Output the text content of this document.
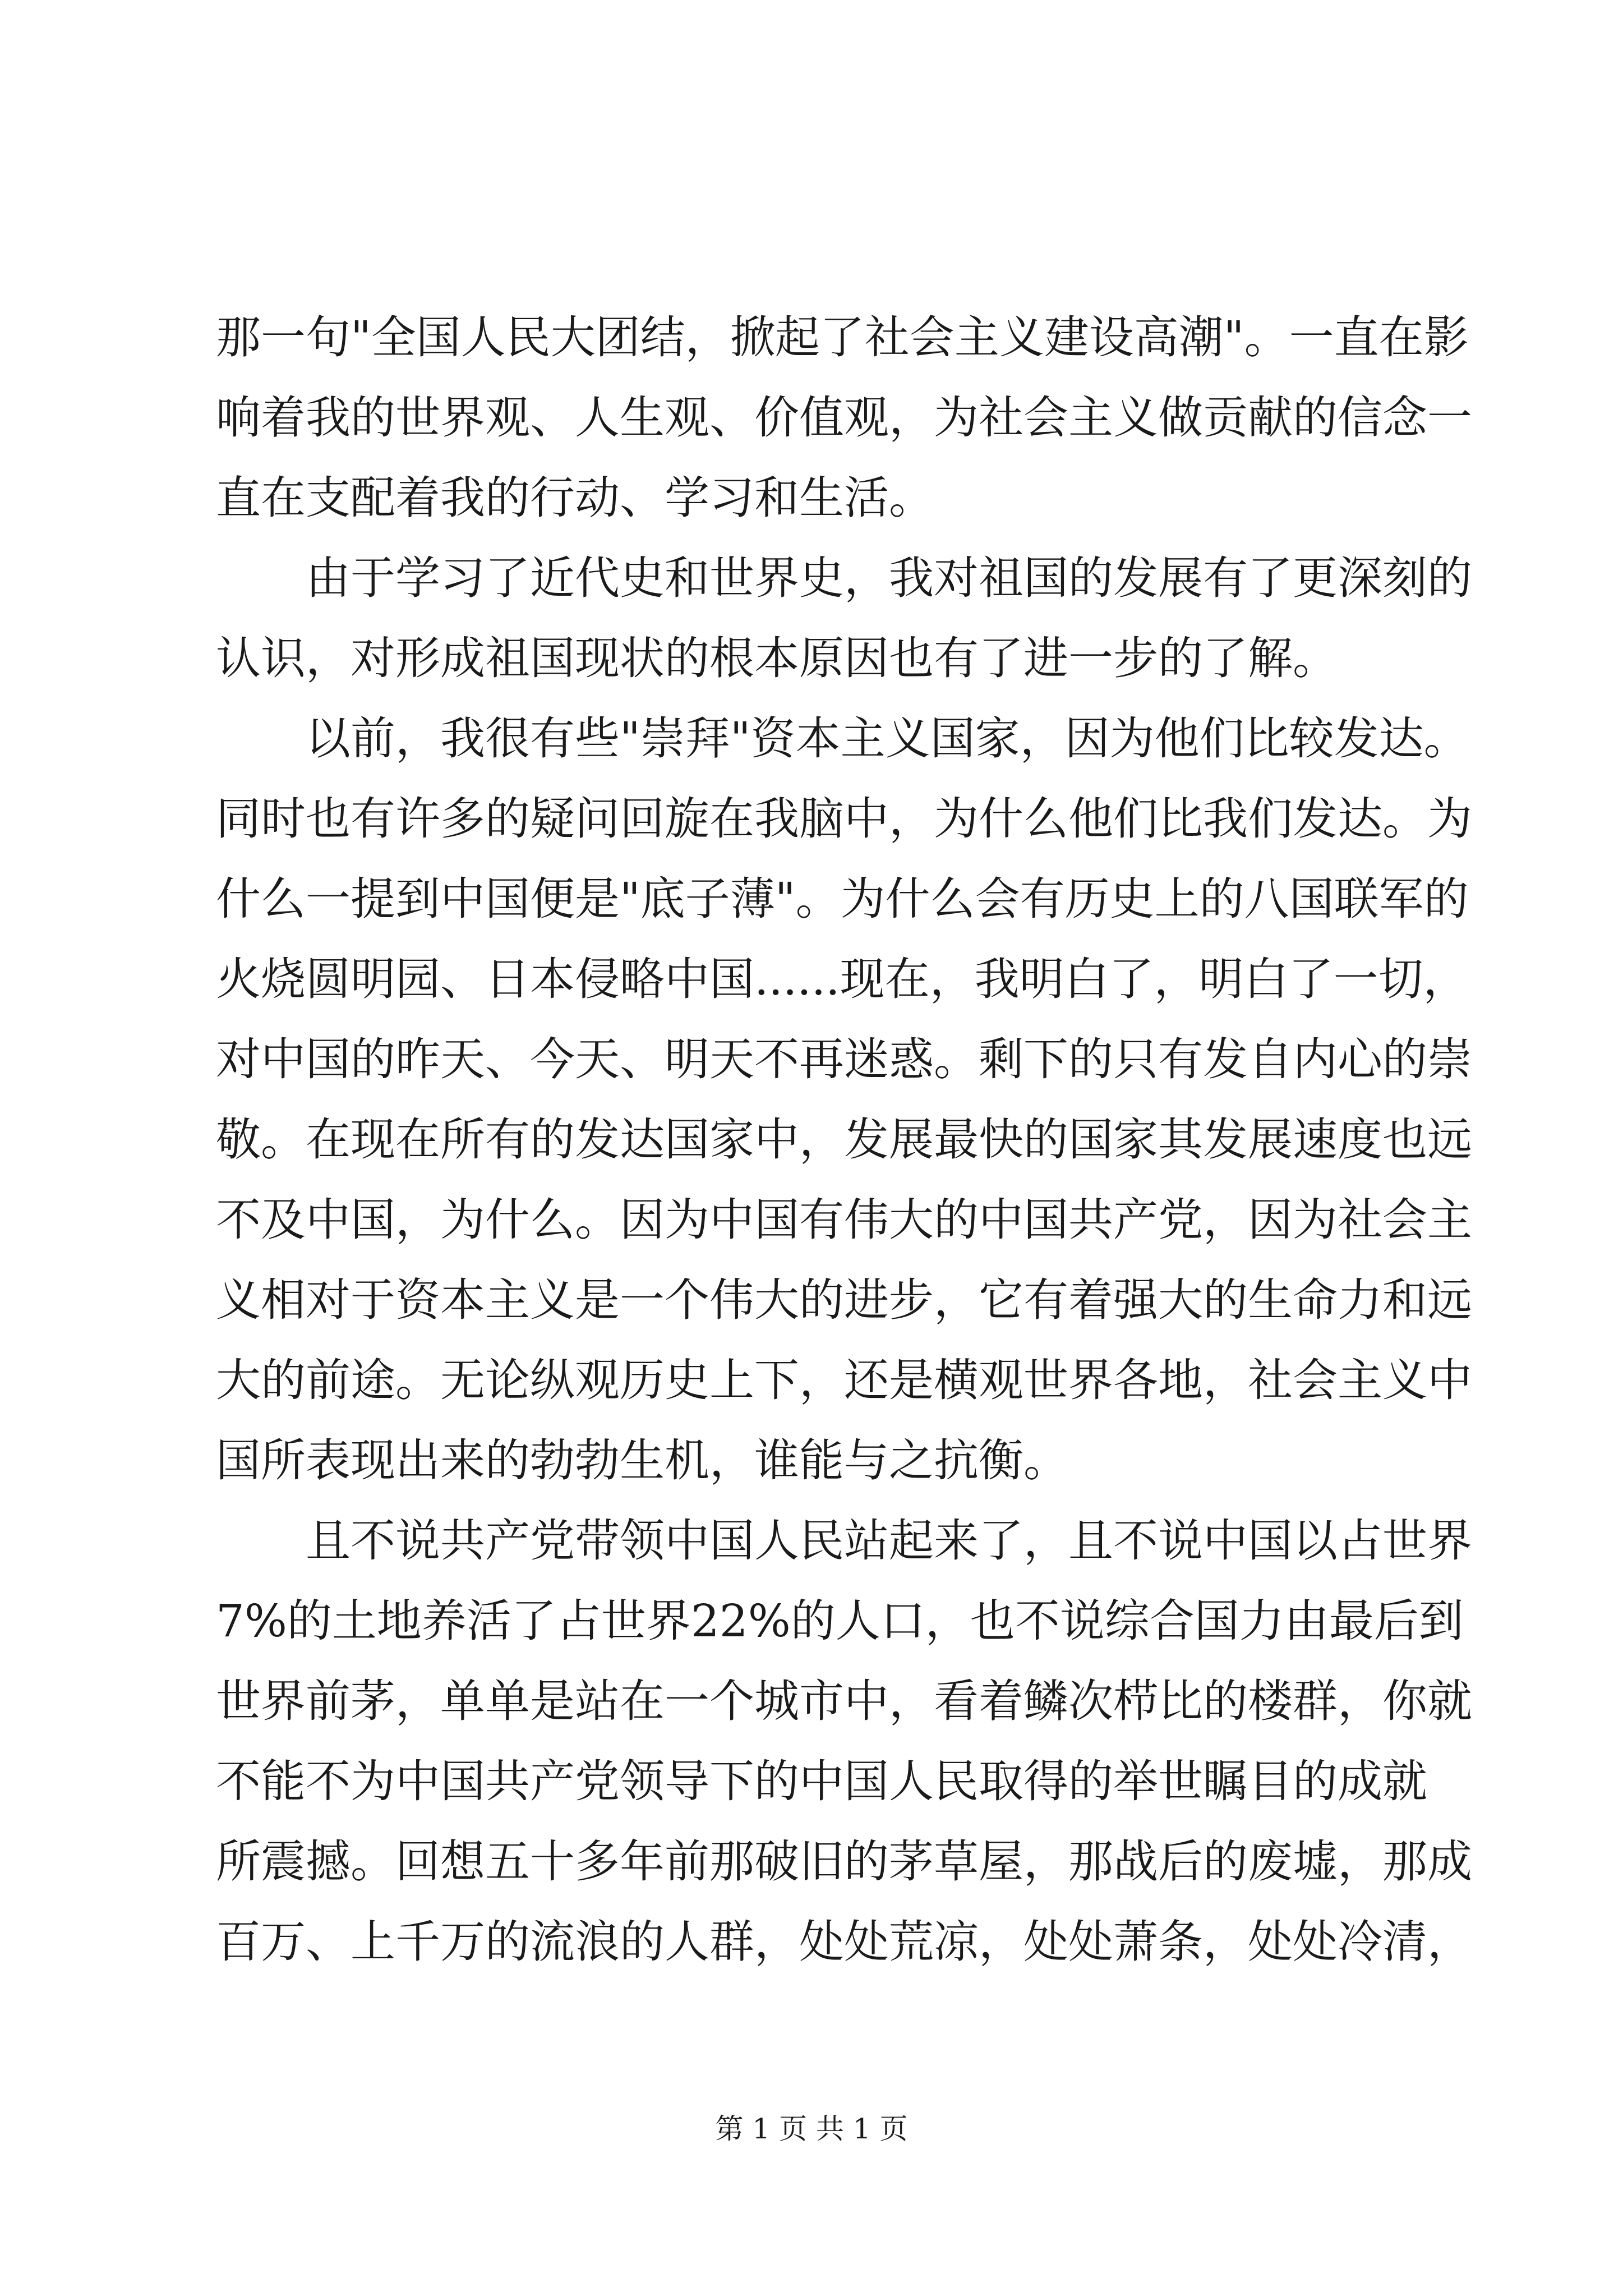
那一句"全国人民大团结，掀起了社会主义建设高潮"。一直在影
响着我的世界观、人生观、价值观，为社会主义做贡献的信念一
直在支配着我的行动、学习和生活。
由于学习了近代史和世界史，我对祖国的发展有了更深刻的
认识，对形成祖国现状的根本原因也有了进一步的了解。
以前，我很有些"崇拜"资本主义国家，因为他们比较发达。
同时也有许多的疑问回旋在我脑中，为什么他们比我们发达。为
什么一提到中国便是"底子薄"。为什么会有历史上的八国联军的
火烧圆明园、日本侵略中国......现在，我明白了，明白了一切，
对中国的昨天、今天、明天不再迷惑。剩下的只有发自内心的崇
敬。在现在所有的发达国家中，发展最快的国家其发展速度也远
不及中国，为什么。因为中国有伟大的中国共产党，因为社会主
义相对于资本主义是一个伟大的进步，它有着强大的生命力和远
大的前途。无论纵观历史上下，还是横观世界各地，社会主义中
国所表现出来的勃勃生机，谁能与之抗衡。
且不说共产党带领中国人民站起来了，且不说中国以占世界
7%的土地养活了占世界22%的人口，也不说综合国力由最后到
世界前茅，单单是站在一个城市中，看着鳞次栉比的楼群，你就
不能不为中国共产党领导下的中国人民取得的举世瞩目的成就
所震撼。回想五十多年前那破旧的茅草屋，那战后的废墟，那成
百万、上千万的流浪的人群，处处荒凉，处处萧条，处处冷清，
第 1 页 共 1 页
